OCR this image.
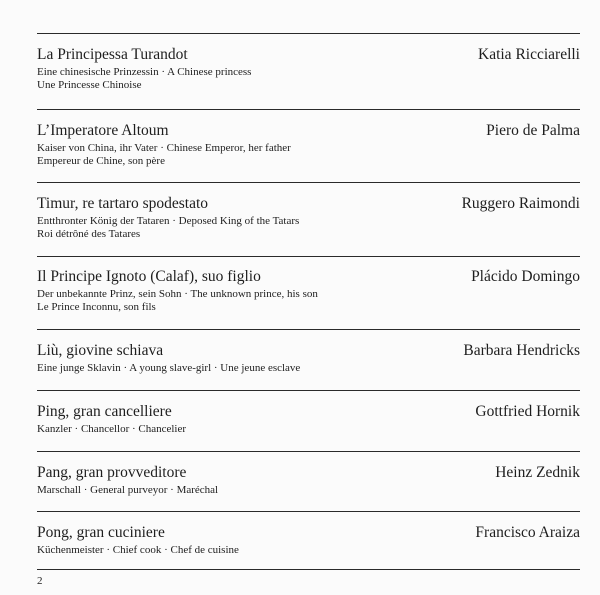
La Principessa Turandot	Katia Ricciarelli
Eine chinesische Prinzessin · A Chinese princess
Une Princesse Chinoise
L’Imperatore Altoum	Piero de Palma
Kaiser von China, ihr Vater · Chinese Emperor, her father
Empereur de Chine, son père
Timur, re tartaro spodestato	Ruggero Raimondi
Entthronter König der Tataren · Deposed King of the Tatars
Roi détrôné des Tatares
Il Principe Ignoto (Calaf), suo figlio	Plácido Domingo
Der unbekannte Prinz, sein Sohn · The unknown prince, his son
Le Prince Inconnu, son fils
Liù, giovine schiava	Barbara Hendricks
Eine junge Sklavin · A young slave-girl · Une jeune esclave
Ping, gran cancelliere	Gottfried Hornik
Kanzler · Chancellor · Chancelier
Pang, gran provveditore	Heinz Zednik
Marschall · General purveyor · Maréchal
Pong, gran cuciniere	Francisco Araiza
Küchenmeister · Chief cook · Chef de cuisine
2
